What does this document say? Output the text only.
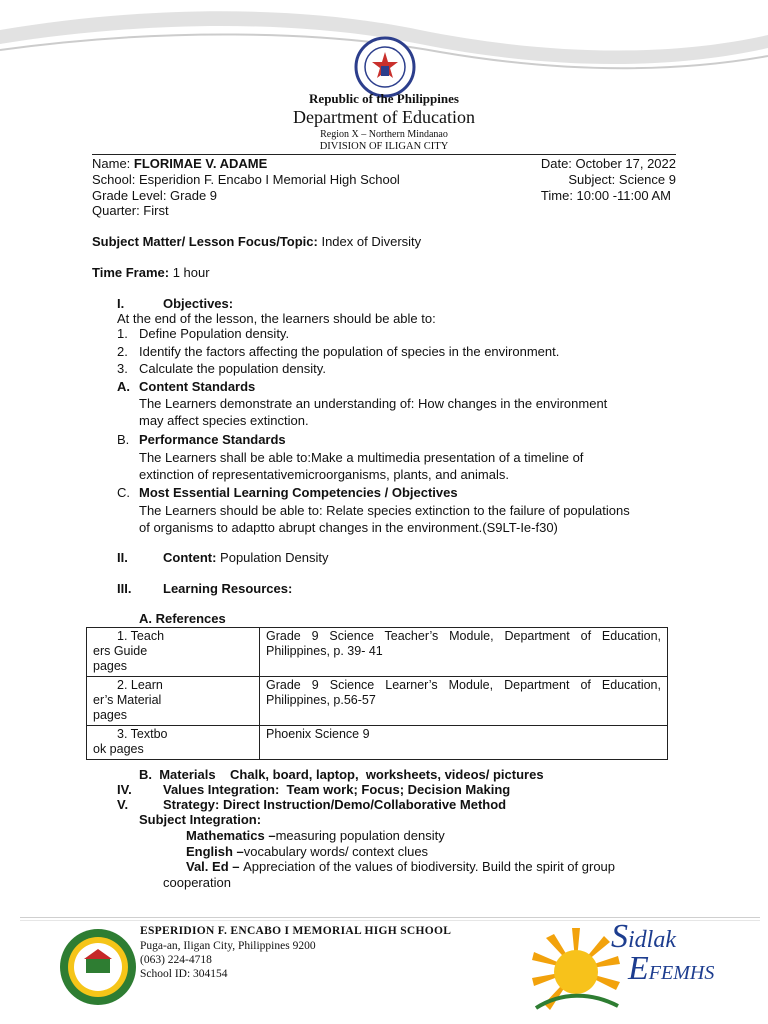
Republic of the Philippines
Department of Education
Region X – Northern Mindanao
DIVISION OF ILIGAN CITY
Name: FLORIMAE V. ADAME	Date: October 17, 2022
School: Esperidion F. Encabo I Memorial High School	Subject: Science 9
Grade Level: Grade 9	Time: 10:00 -11:00 AM
Quarter: First
Subject Matter/ Lesson Focus/Topic: Index of Diversity
Time Frame: 1 hour
I.	Objectives:
At the end of the lesson, the learners should be able to:
1. Define Population density.
2. Identify the factors affecting the population of species in the environment.
3. Calculate the population density.
A. Content Standards
The Learners demonstrate an understanding of: How changes in the environment
may affect species extinction.
B. Performance Standards
The Learners shall be able to:Make a multimedia presentation of a timeline of
extinction of representativemicroorganisms, plants, and animals.
C. Most Essential Learning Competencies / Objectives
The Learners should be able to: Relate species extinction to the failure of populations
of organisms to adaptto abrupt changes in the environment.(S9LT-Ie-f30)
II.	Content: Population Density
III. Learning Resources:
A. References
1. Teach
ers Guide
pages	Grade 9 Science Teacher’s Module, Department of Education, Philippines, p. 39- 41

2. Learn
er’s Material
pages	Grade 9 Science Learner’s Module, Department of Education, Philippines, p.56-57

3. Textbo
ok pages	Phoenix Science 9
B.  Materials    Chalk, board, laptop,  worksheets, videos/ pictures
IV. Values Integration:  Team work; Focus; Decision Making
V.	Strategy: Direct Instruction/Demo/Collaborative Method
Subject Integration:
Mathematics –measuring population density
English –vocabulary words/ context clues
Val. Ed – Appreciation of the values of biodiversity. Build the spirit of group
cooperation
ESPERIDION F. ENCABO I MEMORIAL HIGH SCHOOL
Puga-an, Iligan City, Philippines 9200
(063) 224-4718
School ID: 304154
Sidlak
EFEMHS
